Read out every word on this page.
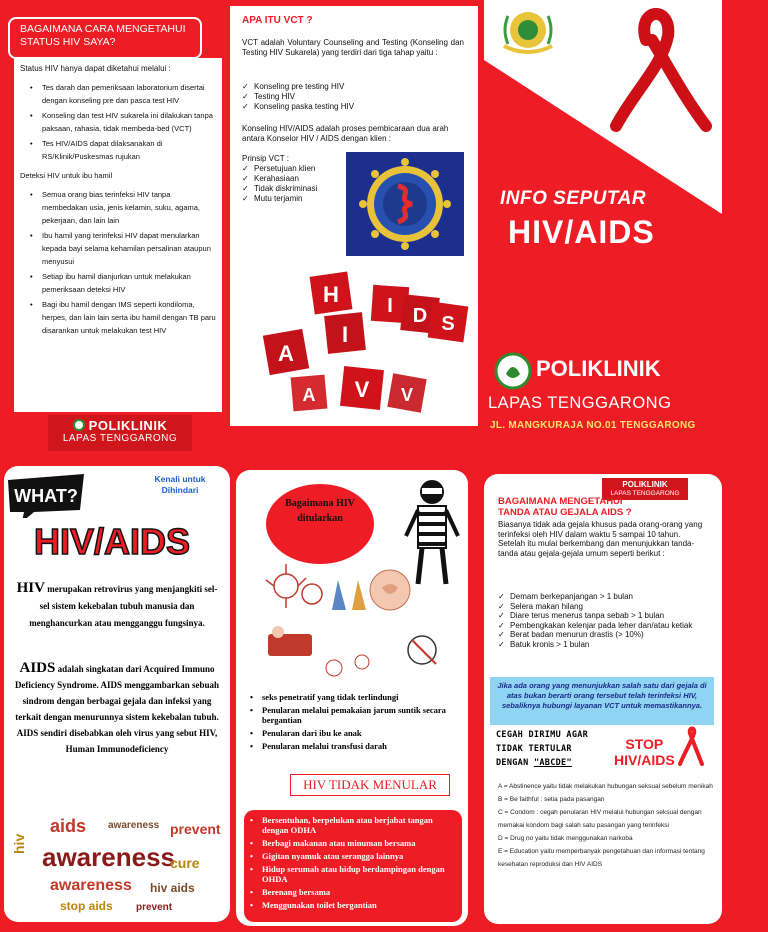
BAGAIMANA CARA MENGETAHUI STATUS HIV SAYA?
Status HIV hanya dapat diketahui melalui :
• Tes darah dan pemeriksaan laboratorium disertai dengan konseling pre dan pasca test HIV
• Konseling dan test HIV sukarela ini dilakukan tanpa paksaan, rahasia, tidak membeda-bed (VCT)
• Tes HIV/AIDS dapat dilaksanakan di RS/Klinik/Puskesmas rujukan
Deteksi HIV untuk ibu hamil
• Semua orang bias terinfeksi HIV tanpa membedakan usia, jenis kelamin, suku, agama, pekerjaan, dan lain lain
• Ibu hamil yang terinfeksi HIV dapat menularkan kepada bayi selama kehamilan persalinan ataupun menyusui
• Setiap ibu hamil dianjurkan untuk melakukan pemeriksaan deteksi HIV
• Bagi ibu hamil dengan IMS seperti kondiloma, herpes, dan lain lain serta ibu hamil dengan TB paru disarankan untuk melakukan test HIV
POLIKLINIK
LAPAS TENGGARONG
APA ITU VCT ?
VCT adalah Voluntary Counseling and Testing (Konseling dan Testing HIV Sukarela) yang terdiri dari tiga tahap yaitu :
✓ Konseling pre testing HIV
✓ Testing HIV
✓ Konseling paska testing HIV
Konseling HIV/AIDS adalah proses pembicaraan dua arah antara Konselor HIV / AIDS dengan klien :
Prinsip VCT :
✓ Persetujuan klien
✓ Kerahasiaan
✓ Tidak diskriminasi
✓ Mutu terjamin
H
I
V
A
I D S
A	V
INFO SEPUTAR
HIV/AIDS
POLIKLINIK
LAPAS TENGGARONG
JL. MANGKURAJA NO.01 TENGGARONG
WHAT?
Kenali untuk Dihindari
HIV/AIDS
HIV merupakan retrovirus yang menjangkiti sel-sel sistem kekebalan tubuh manusia dan menghancurkan atau mengganggu fungsinya.
AIDS adalah singkatan dari Acquired Immuno Deficiency Syndrome. AIDS menggambarkan sebuah sindrom dengan berbagai gejala dan infeksi yang terkait dengan menurunnya sistem kekebalan tubuh. AIDS sendiri disebabkan oleh virus yang sebut HIV, Human Immunodeficiency
hiv
aids awareness prevent
awareness
cure
awareness hiv aids
stop aids prevent
Bagaimana HIV ditularkan
• seks penetratif yang tidak terlindungi
• Penularan melalui pemakaian jarum suntik secara bergantian
• Penularan dari ibu ke anak
• Penularan melalui transfusi darah
HIV TIDAK MENULAR
• Bersentuhan, berpelukan atau berjabat tangan dengan ODHA
• Berbagi makanan atau minuman bersama
• Gigitan nyamuk atau serangga lainnya
• Hidup serumah atau hidup berdampingan dengan OHDA
• Berenang bersama
• Menggunakan toilet bergantian
POLIKLINIK
LAPAS TENGGARONG
BAGAIMANA MENGETAHUI
TANDA ATAU GEJALA AIDS ?
Biasanya tidak ada gejala khusus pada orang-orang yang terinfeksi oleh HIV dalam waktu 5 sampai 10 tahun.
Setelah itu mulai berkembang dan menunjukkan tanda-tanda atau gejala-gejala umum seperti berikut :
✓ Demam berkepanjangan > 1 bulan
✓ Selera makan hilang
✓ Diare terus menerus tanpa sebab > 1 bulan
✓ Pembengkakan kelenjar pada leher dan/atau ketiak
✓ Berat badan menurun drastis (> 10%)
✓ Batuk kronis > 1 bulan
Jika ada orang yang menunjukkan salah satu dari gejala di atas bukan berarti orang tersebut telah terinfeksi HIV, sebaliknya hubungi layanan VCT untuk memastikannya.
CEGAH DIRIMU AGAR
TIDAK TERTULAR
DENGAN "ABCDE"
STOP
HIV/AIDS
A = Abstinence yaitu tidak melakukan hubungan seksual sebelum menikah
B = Be faithful : setia pada pasangan
C = Condom : cegah penularan HIV melalui hubungan seksual dengan memakai kondom bagi salah satu pasangan yang terinfeksi
D = Drug no yaitu tidak menggunakan narkoba
E = Education yaitu memperbanyak pengetahuan dan informasi tentang kesehatan reproduksi dan HIV AIDS
